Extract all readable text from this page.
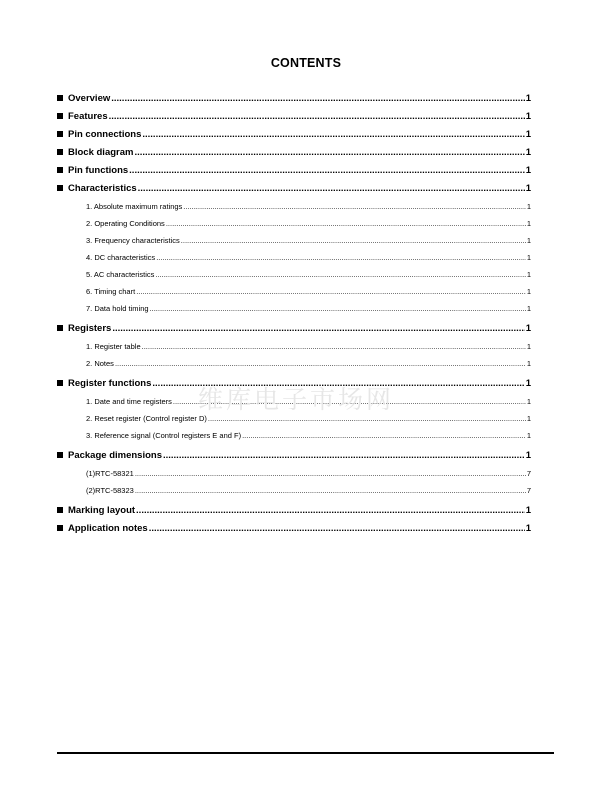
CONTENTS
Overview .....	1
Features .....	1
Pin connections .....	1
Block diagram .....	1
Pin functions .....	1
Characteristics .....	1
1. Absolute maximum ratings .....	1
2. Operating Conditions .....	1
3. Frequency characteristics .....	1
4. DC characteristics .....	1
5. AC characteristics .....	1
6. Timing chart .....	1
7. Data hold timing .....	1
Registers .....	1
1. Register table .....	1
2. Notes .....	1
Register functions .....	1
1. Date and time registers .....	1
2. Reset register (Control register D) .....	1
3. Reference signal (Control registers E and F) .....	1
Package dimensions .....	1
(1)RTC-58321 .....	7
(2)RTC-58323 .....	7
Marking layout .....	1
Application notes .....	1
维库电子市场网
